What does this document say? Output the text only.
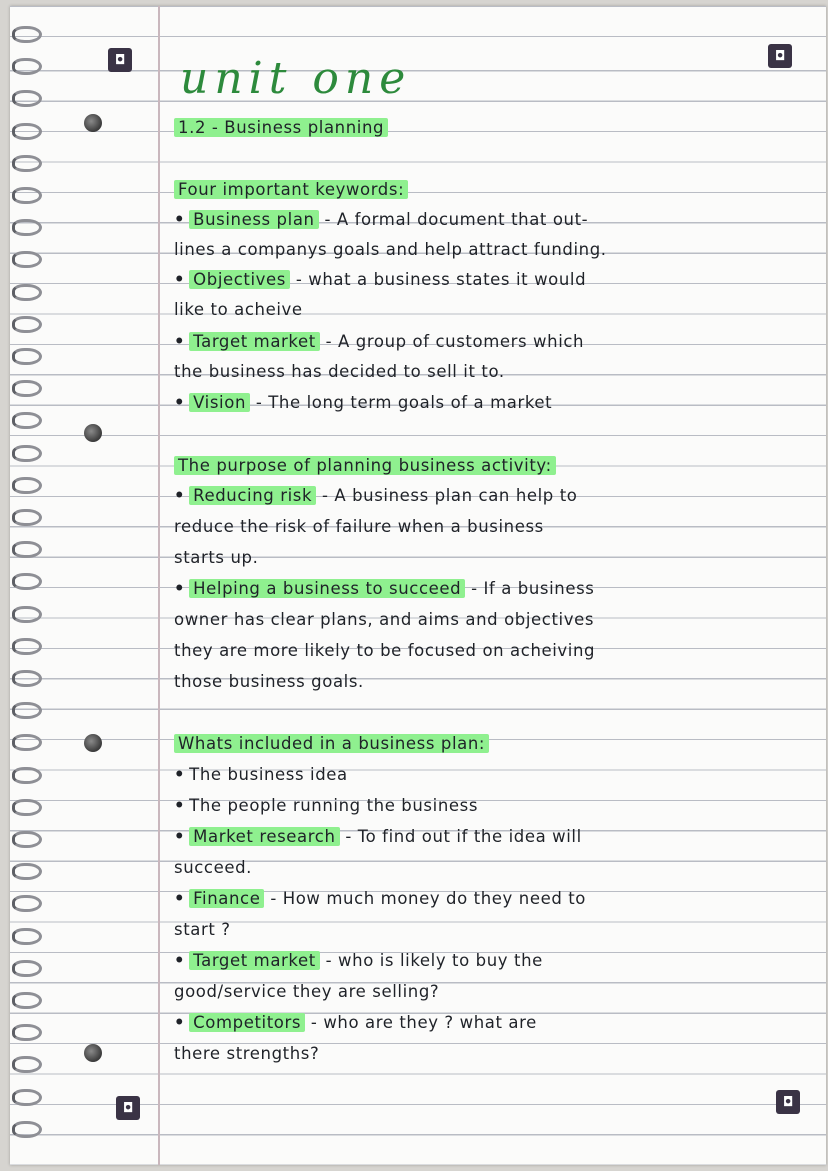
◘	◘
◘	◘
unit one
1.2 - Business planning
Four important keywords:
• Business plan - A formal document that out-
lines a companys goals and help attract funding.
• Objectives - what a business states it would
like to acheive
• Target market - A group of customers which
the business has decided to sell it to.
• Vision - The long term goals of a market
The purpose of planning business activity:
• Reducing risk - A business plan can help to
reduce the risk of failure when a business
starts up.
• Helping a business to succeed - If a business
owner has clear plans, and aims and objectives
they are more likely to be focused on acheiving
those business goals.
Whats included in a business plan:
• The business idea
• The people running the business
• Market research - To find out if the idea will
succeed.
• Finance - How much money do they need to
start ?
• Target market - who is likely to buy the
good/service they are selling?
• Competitors - who are they ? what are
there strengths?
